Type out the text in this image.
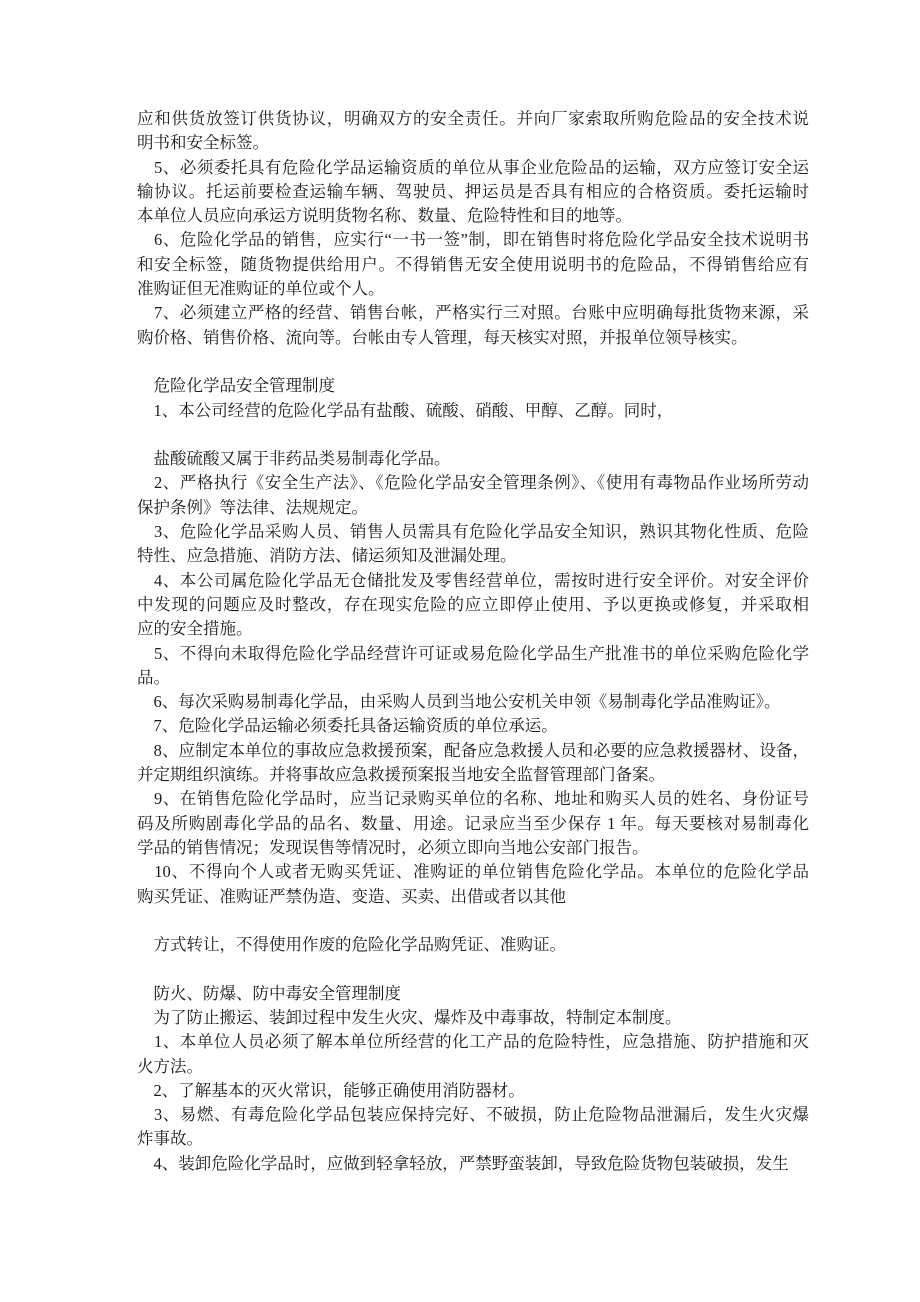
应和供货放签订供货协议，明确双方的安全责任。并向厂家索取所购危险品的安全技术说
明书和安全标签。
　5、必须委托具有危险化学品运输资质的单位从事企业危险品的运输，双方应签订安全运
输协议。托运前要检查运输车辆、驾驶员、押运员是否具有相应的合格资质。委托运输时
本单位人员应向承运方说明货物名称、数量、危险特性和目的地等。
　6、危险化学品的销售，应实行“一书一签”制，即在销售时将危险化学品安全技术说明书
和安全标签，随货物提供给用户。不得销售无安全使用说明书的危险品，不得销售给应有
准购证但无准购证的单位或个人。
　7、必须建立严格的经营、销售台帐，严格实行三对照。台账中应明确每批货物来源，采
购价格、销售价格、流向等。台帐由专人管理，每天核实对照，并报单位领导核实。
　危险化学品安全管理制度
　1、本公司经营的危险化学品有盐酸、硫酸、硝酸、甲醇、乙醇。同时，
　盐酸硫酸又属于非药品类易制毒化学品。
　2、严格执行《安全生产法》、《危险化学品安全管理条例》、《使用有毒物品作业场所劳动
保护条例》等法律、法规规定。
　3、危险化学品采购人员、销售人员需具有危险化学品安全知识，熟识其物化性质、危险
特性、应急措施、消防方法、储运须知及泄漏处理。
　4、本公司属危险化学品无仓储批发及零售经营单位，需按时进行安全评价。对安全评价
中发现的问题应及时整改，存在现实危险的应立即停止使用、予以更换或修复，并采取相
应的安全措施。
　5、不得向未取得危险化学品经营许可证或易危险化学品生产批准书的单位采购危险化学
品。
　6、每次采购易制毒化学品，由采购人员到当地公安机关申领《易制毒化学品准购证》。
　7、危险化学品运输必须委托具备运输资质的单位承运。
　8、应制定本单位的事故应急救援预案，配备应急救援人员和必要的应急救援器材、设备，
并定期组织演练。并将事故应急救援预案报当地安全监督管理部门备案。
　9、在销售危险化学品时，应当记录购买单位的名称、地址和购买人员的姓名、身份证号
码及所购剧毒化学品的品名、数量、用途。记录应当至少保存 1 年。每天要核对易制毒化
学品的销售情况；发现误售等情况时，必须立即向当地公安部门报告。
　10、不得向个人或者无购买凭证、准购证的单位销售危险化学品。本单位的危险化学品
购买凭证、准购证严禁伪造、变造、买卖、出借或者以其他
　方式转让，不得使用作废的危险化学品购凭证、准购证。
　防火、防爆、防中毒安全管理制度
　为了防止搬运、装卸过程中发生火灾、爆炸及中毒事故，特制定本制度。
　1、本单位人员必须了解本单位所经营的化工产品的危险特性，应急措施、防护措施和灭
火方法。
　2、了解基本的灭火常识，能够正确使用消防器材。
　3、易燃、有毒危险化学品包装应保持完好、不破损，防止危险物品泄漏后，发生火灾爆
炸事故。
　4、装卸危险化学品时，应做到轻拿轻放，严禁野蛮装卸，导致危险货物包装破损，发生
